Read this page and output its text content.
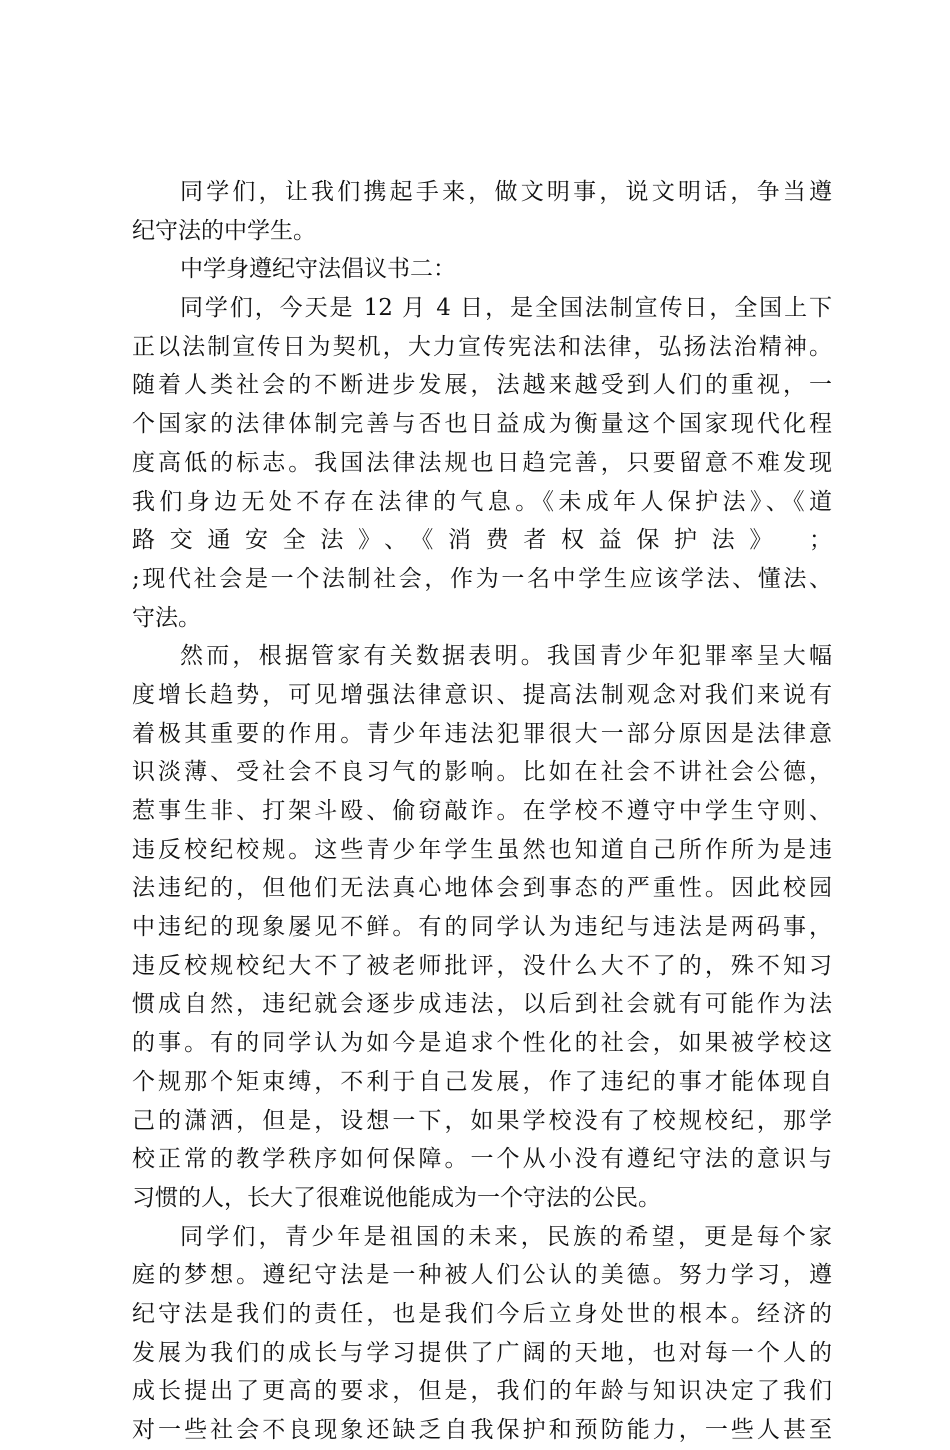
同学们，让我们携起手来，做文明事，说文明话，争当遵
纪守法的中学生。
中学身遵纪守法倡议书二：
同学们，今天是 12 月 4 日，是全国法制宣传日，全国上下
正以法制宣传日为契机，大力宣传宪法和法律，弘扬法治精神。
随着人类社会的不断进步发展，法越来越受到人们的重视，一
个国家的法律体制完善与否也日益成为衡量这个国家现代化程
度高低的标志。我国法律法规也日趋完善，只要留意不难发现
我们身边无处不存在法律的气息。《未成年人保护法》、《道
路交通安全法》、《消费者权益保护法》 ；
;现代社会是一个法制社会，作为一名中学生应该学法、懂法、
守法。
然而，根据管家有关数据表明。我国青少年犯罪率呈大幅
度增长趋势，可见增强法律意识、提高法制观念对我们来说有
着极其重要的作用。青少年违法犯罪很大一部分原因是法律意
识淡薄、受社会不良习气的影响。比如在社会不讲社会公德，
惹事生非、打架斗殴、偷窃敲诈。在学校不遵守中学生守则、
违反校纪校规。这些青少年学生虽然也知道自己所作所为是违
法违纪的，但他们无法真心地体会到事态的严重性。因此校园
中违纪的现象屡见不鲜。有的同学认为违纪与违法是两码事，
违反校规校纪大不了被老师批评，没什么大不了的，殊不知习
惯成自然，违纪就会逐步成违法，以后到社会就有可能作为法
的事。有的同学认为如今是追求个性化的社会，如果被学校这
个规那个矩束缚，不利于自己发展，作了违纪的事才能体现自
己的潇洒，但是，设想一下，如果学校没有了校规校纪，那学
校正常的教学秩序如何保障。一个从小没有遵纪守法的意识与
习惯的人，长大了很难说他能成为一个守法的公民。
同学们，青少年是祖国的未来，民族的希望，更是每个家
庭的梦想。遵纪守法是一种被人们公认的美德。努力学习，遵
纪守法是我们的责任，也是我们今后立身处世的根本。经济的
发展为我们的成长与学习提供了广阔的天地，也对每一个人的
成长提出了更高的要求，但是，我们的年龄与知识决定了我们
对一些社会不良现象还缺乏自我保护和预防能力，一些人甚至
